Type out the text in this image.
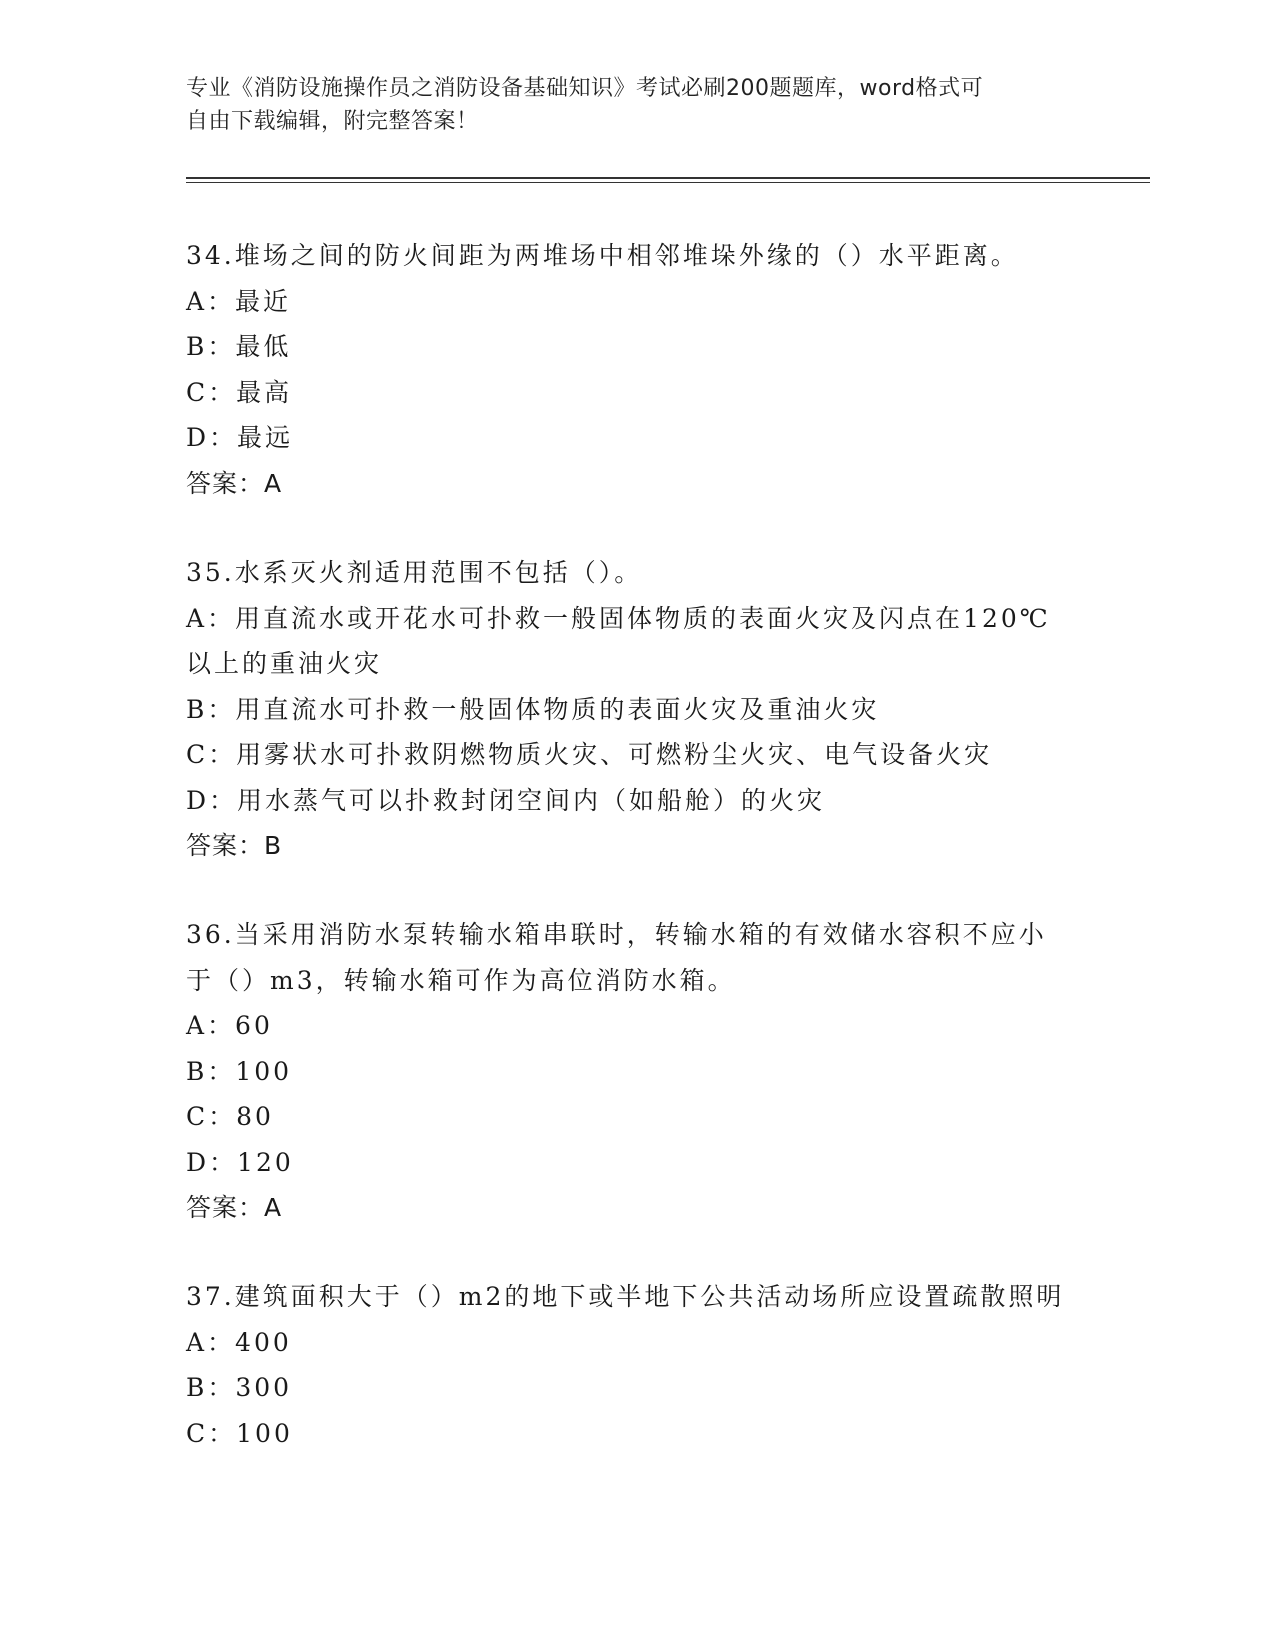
专业《消防设施操作员之消防设备基础知识》考试必刷200题题库，word格式可
自由下载编辑，附完整答案！

34.堆场之间的防火间距为两堆场中相邻堆垛外缘的（）水平距离。

A：最近

B：最低

C：最高

D：最远

答案：A

35.水系灭火剂适用范围不包括（）。

A：用直流水或开花水可扑救一般固体物质的表面火灾及闪点在120℃

以上的重油火灾

B：用直流水可扑救一般固体物质的表面火灾及重油火灾

C：用雾状水可扑救阴燃物质火灾、可燃粉尘火灾、电气设备火灾

D：用水蒸气可以扑救封闭空间内（如船舱）的火灾

答案：B

36.当采用消防水泵转输水箱串联时，转输水箱的有效储水容积不应小

于（）m3，转输水箱可作为高位消防水箱。

A：60

B：100

C：80

D：120

答案：A

37.建筑面积大于（）m2的地下或半地下公共活动场所应设置疏散照明

A：400

B：300

C：100
